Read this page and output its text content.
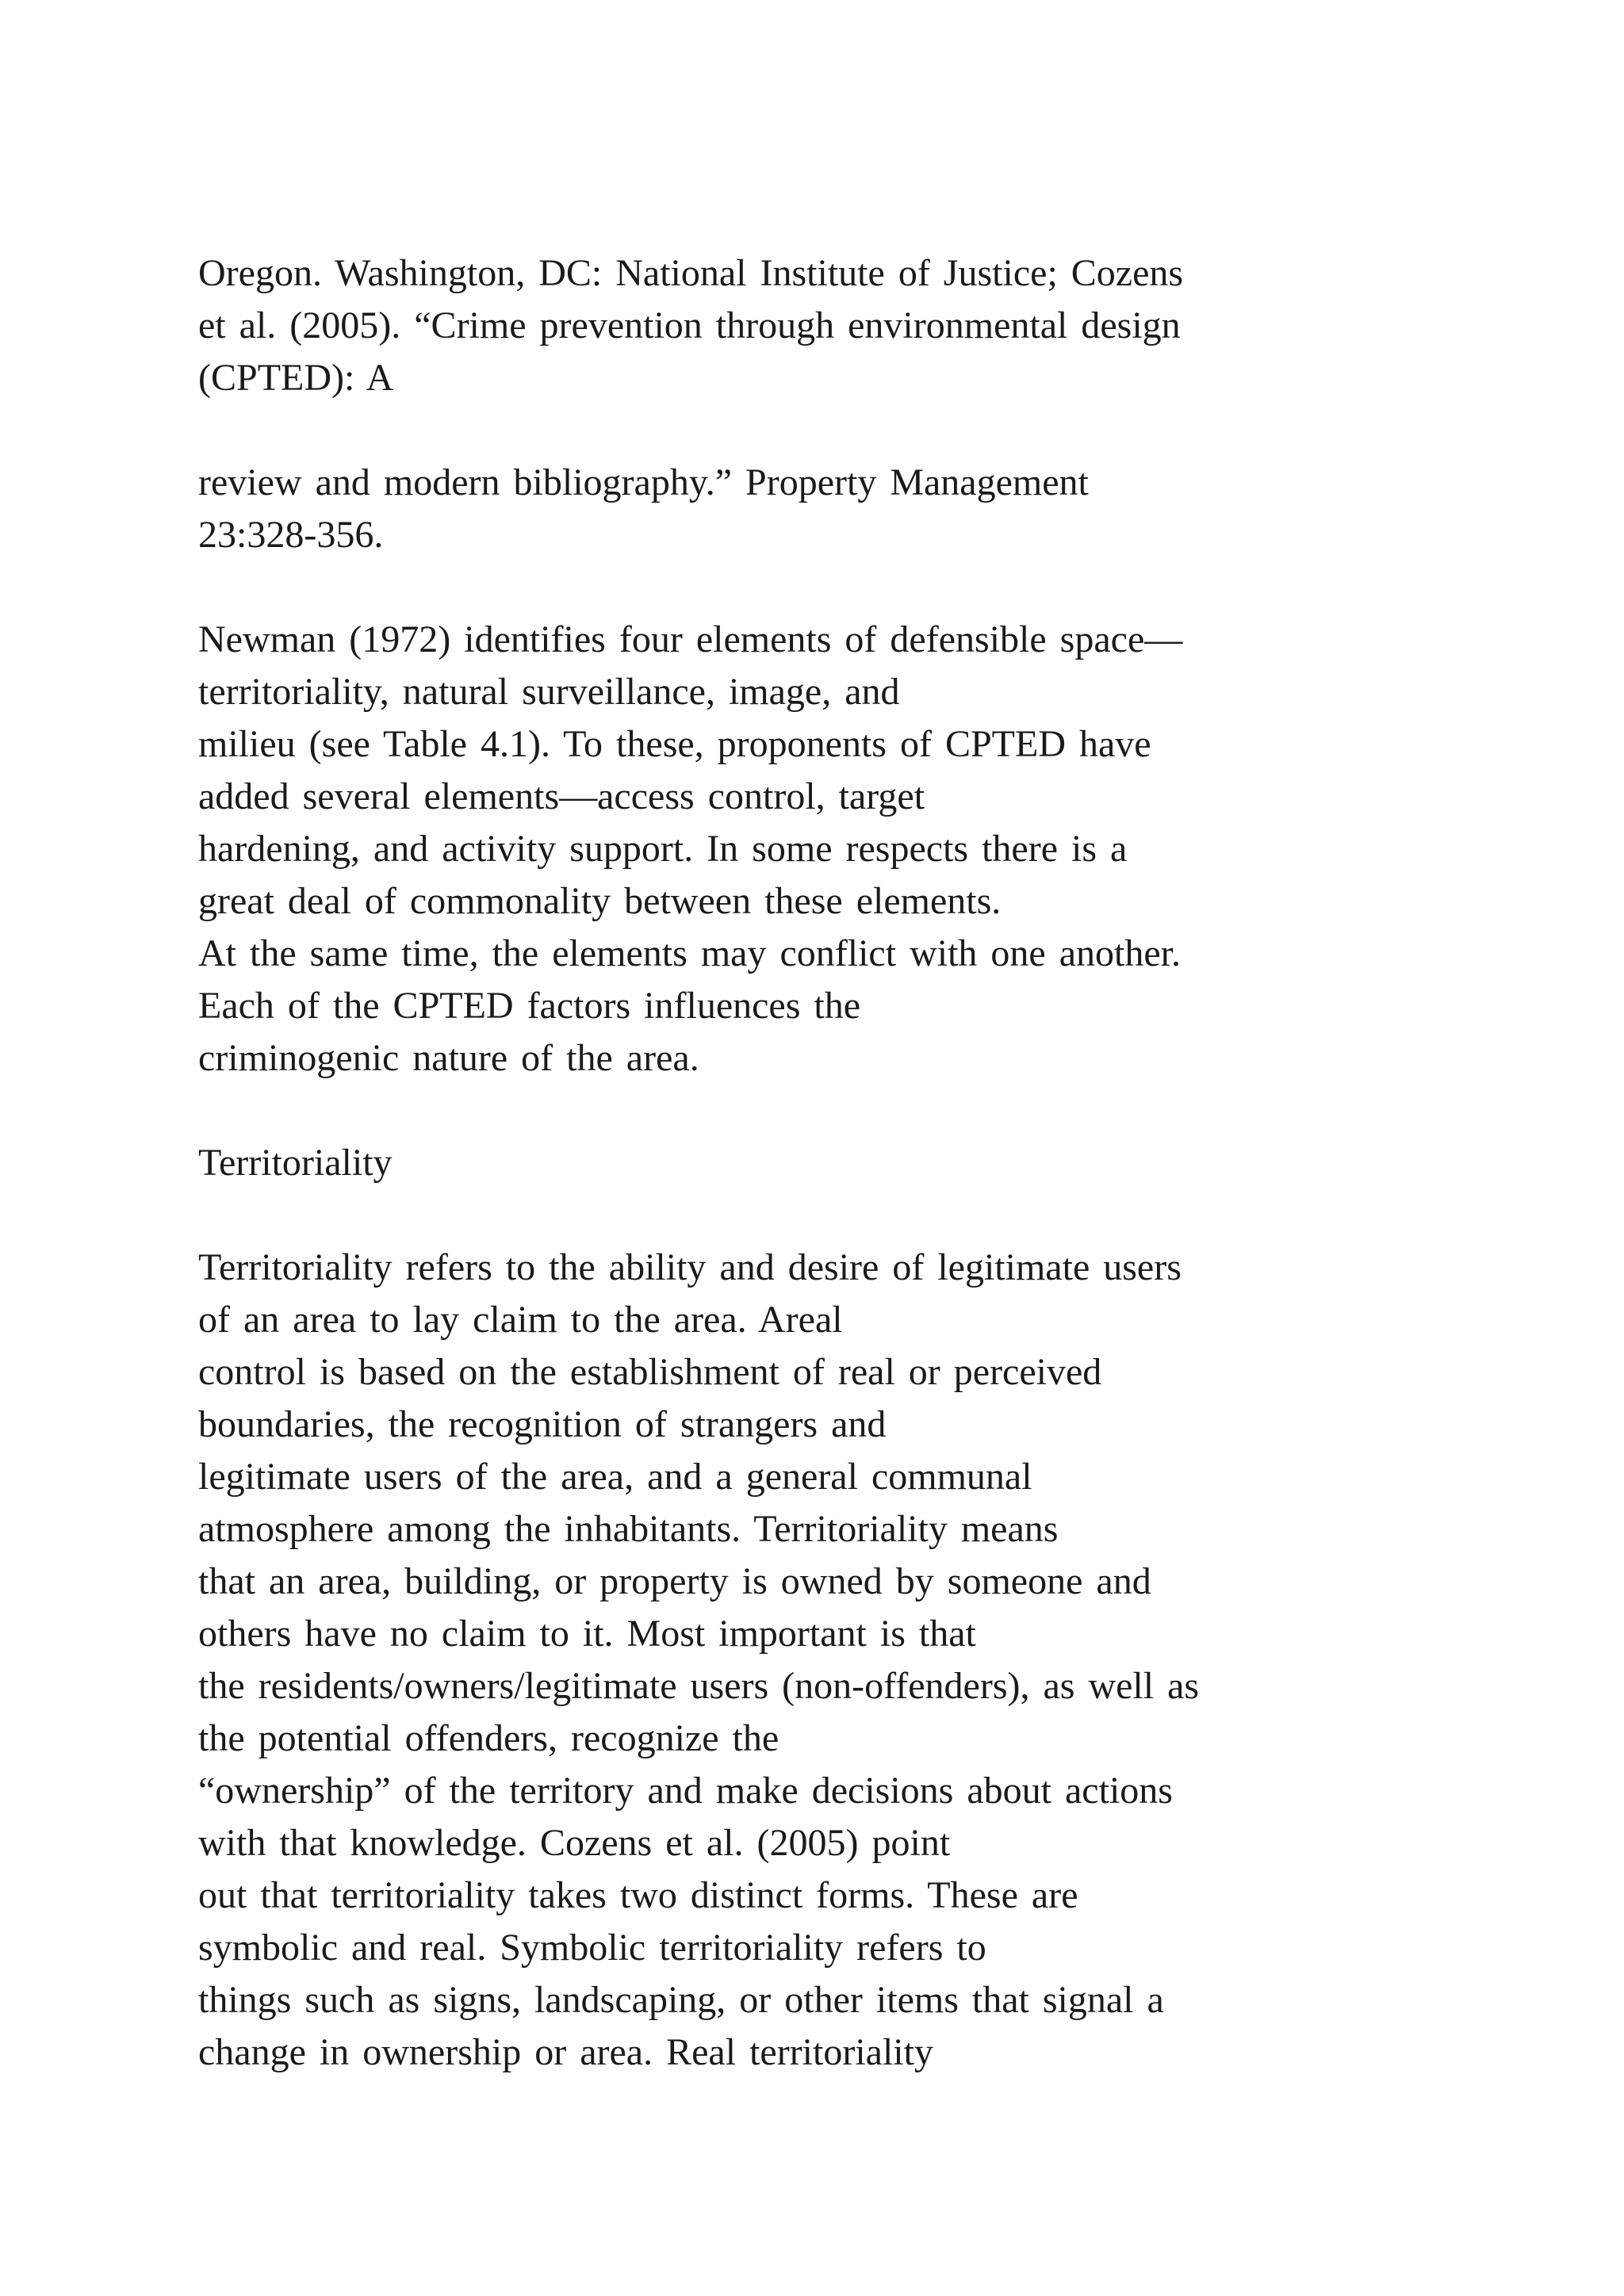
Oregon. Washington, DC: National Institute of Justice; Cozens
et al. (2005). “Crime prevention through environmental design
(CPTED): A
review and modern bibliography.” Property Management
23:328-356.
Newman (1972) identifies four elements of defensible space—
territoriality, natural surveillance, image, and
milieu (see Table 4.1). To these, proponents of CPTED have
added several elements—access control, target
hardening, and activity support. In some respects there is a
great deal of commonality between these elements.
At the same time, the elements may conflict with one another.
Each of the CPTED factors influences the
criminogenic nature of the area.
Territoriality
Territoriality refers to the ability and desire of legitimate users
of an area to lay claim to the area. Areal
control is based on the establishment of real or perceived
boundaries, the recognition of strangers and
legitimate users of the area, and a general communal
atmosphere among the inhabitants. Territoriality means
that an area, building, or property is owned by someone and
others have no claim to it. Most important is that
the residents/owners/legitimate users (non-offenders), as well as
the potential offenders, recognize the
“ownership” of the territory and make decisions about actions
with that knowledge. Cozens et al. (2005) point
out that territoriality takes two distinct forms. These are
symbolic and real. Symbolic territoriality refers to
things such as signs, landscaping, or other items that signal a
change in ownership or area. Real territoriality
